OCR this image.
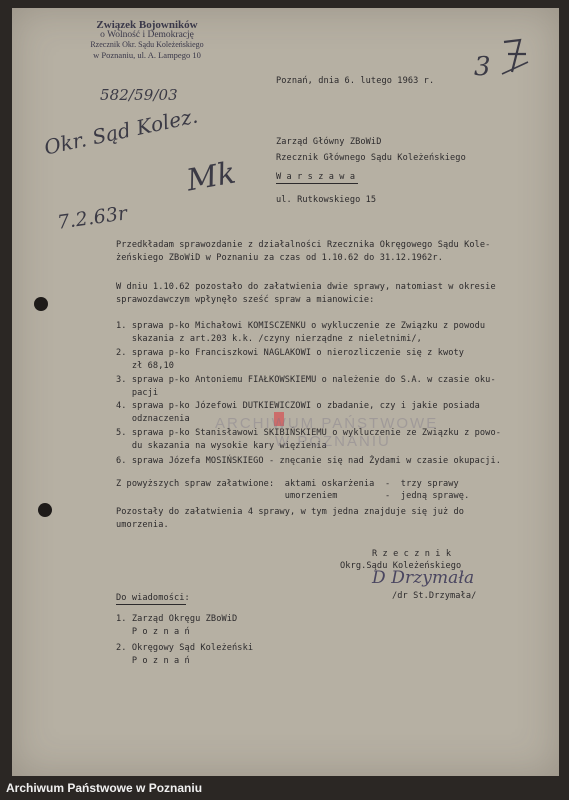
Związek Bojowników
o Wolność i Demokrację
Rzecznik Okr. Sądu Koleżeńskiego
w Poznaniu, ul. A. Lampego 10
582/59/03
3
Okr. Sąd Kolez.
7.2.63r
Mk
Poznań, dnia 6. lutego 1963 r.
Zarząd Główny ZBoWiD
Rzecznik Głównego Sądu Koleżeńskiego
W a r s z a w a
ul. Rutkowskiego 15
Przedkładam sprawozdanie z działalności Rzecznika Okręgowego Sądu Kole-
żeńskiego ZBoWiD w Poznaniu za czas od 1.10.62 do 31.12.1962r.
W dniu 1.10.62 pozostało do załatwienia dwie sprawy, natomiast w okresie
sprawozdawczym wpłynęło sześć spraw a mianowicie:
1. sprawa p-ko Michałowi KOMISCZENKU o wykluczenie ze Związku z powodu
skazania z art.203 k.k. /czyny nierządne z nieletnimi/,
2. sprawa p-ko Franciszkowi NAGLAKOWI o nierozliczenie się z kwoty
zł 68,10
3. sprawa p-ko Antoniemu FIAŁKOWSKIEMU o należenie do S.A. w czasie oku-
pacji
4. sprawa p-ko Józefowi DUTKIEWICZOWI o zbadanie, czy i jakie posiada
odznaczenia
5. sprawa p-ko Stanisławowi SKIBIŃSKIEMU o wykluczenie ze Związku z powo-
du skazania na wysokie kary więzienia
6. sprawa Józefa MOSIŃSKIEGO - znęcanie się nad Żydami w czasie okupacji.
Z powyższych spraw załatwione:  aktami oskarżenia  -  trzy sprawy
umorzeniem         -  jedną sprawę.
Pozostały do załatwienia 4 sprawy, w tym jedna znajduje się już do
umorzenia.
ARCHIWUM PAŃSTWOWE
W POZNANIU
R z e c z n i k
Okrg.Sądu Koleżeńskiego
D Drzymała
/dr St.Drzymała/
Do wiadomości:
1. Zarząd Okręgu ZBoWiD
P o z n a ń
2. Okręgowy Sąd Koleżeński
P o z n a ń
Archiwum Państwowe w Poznaniu
